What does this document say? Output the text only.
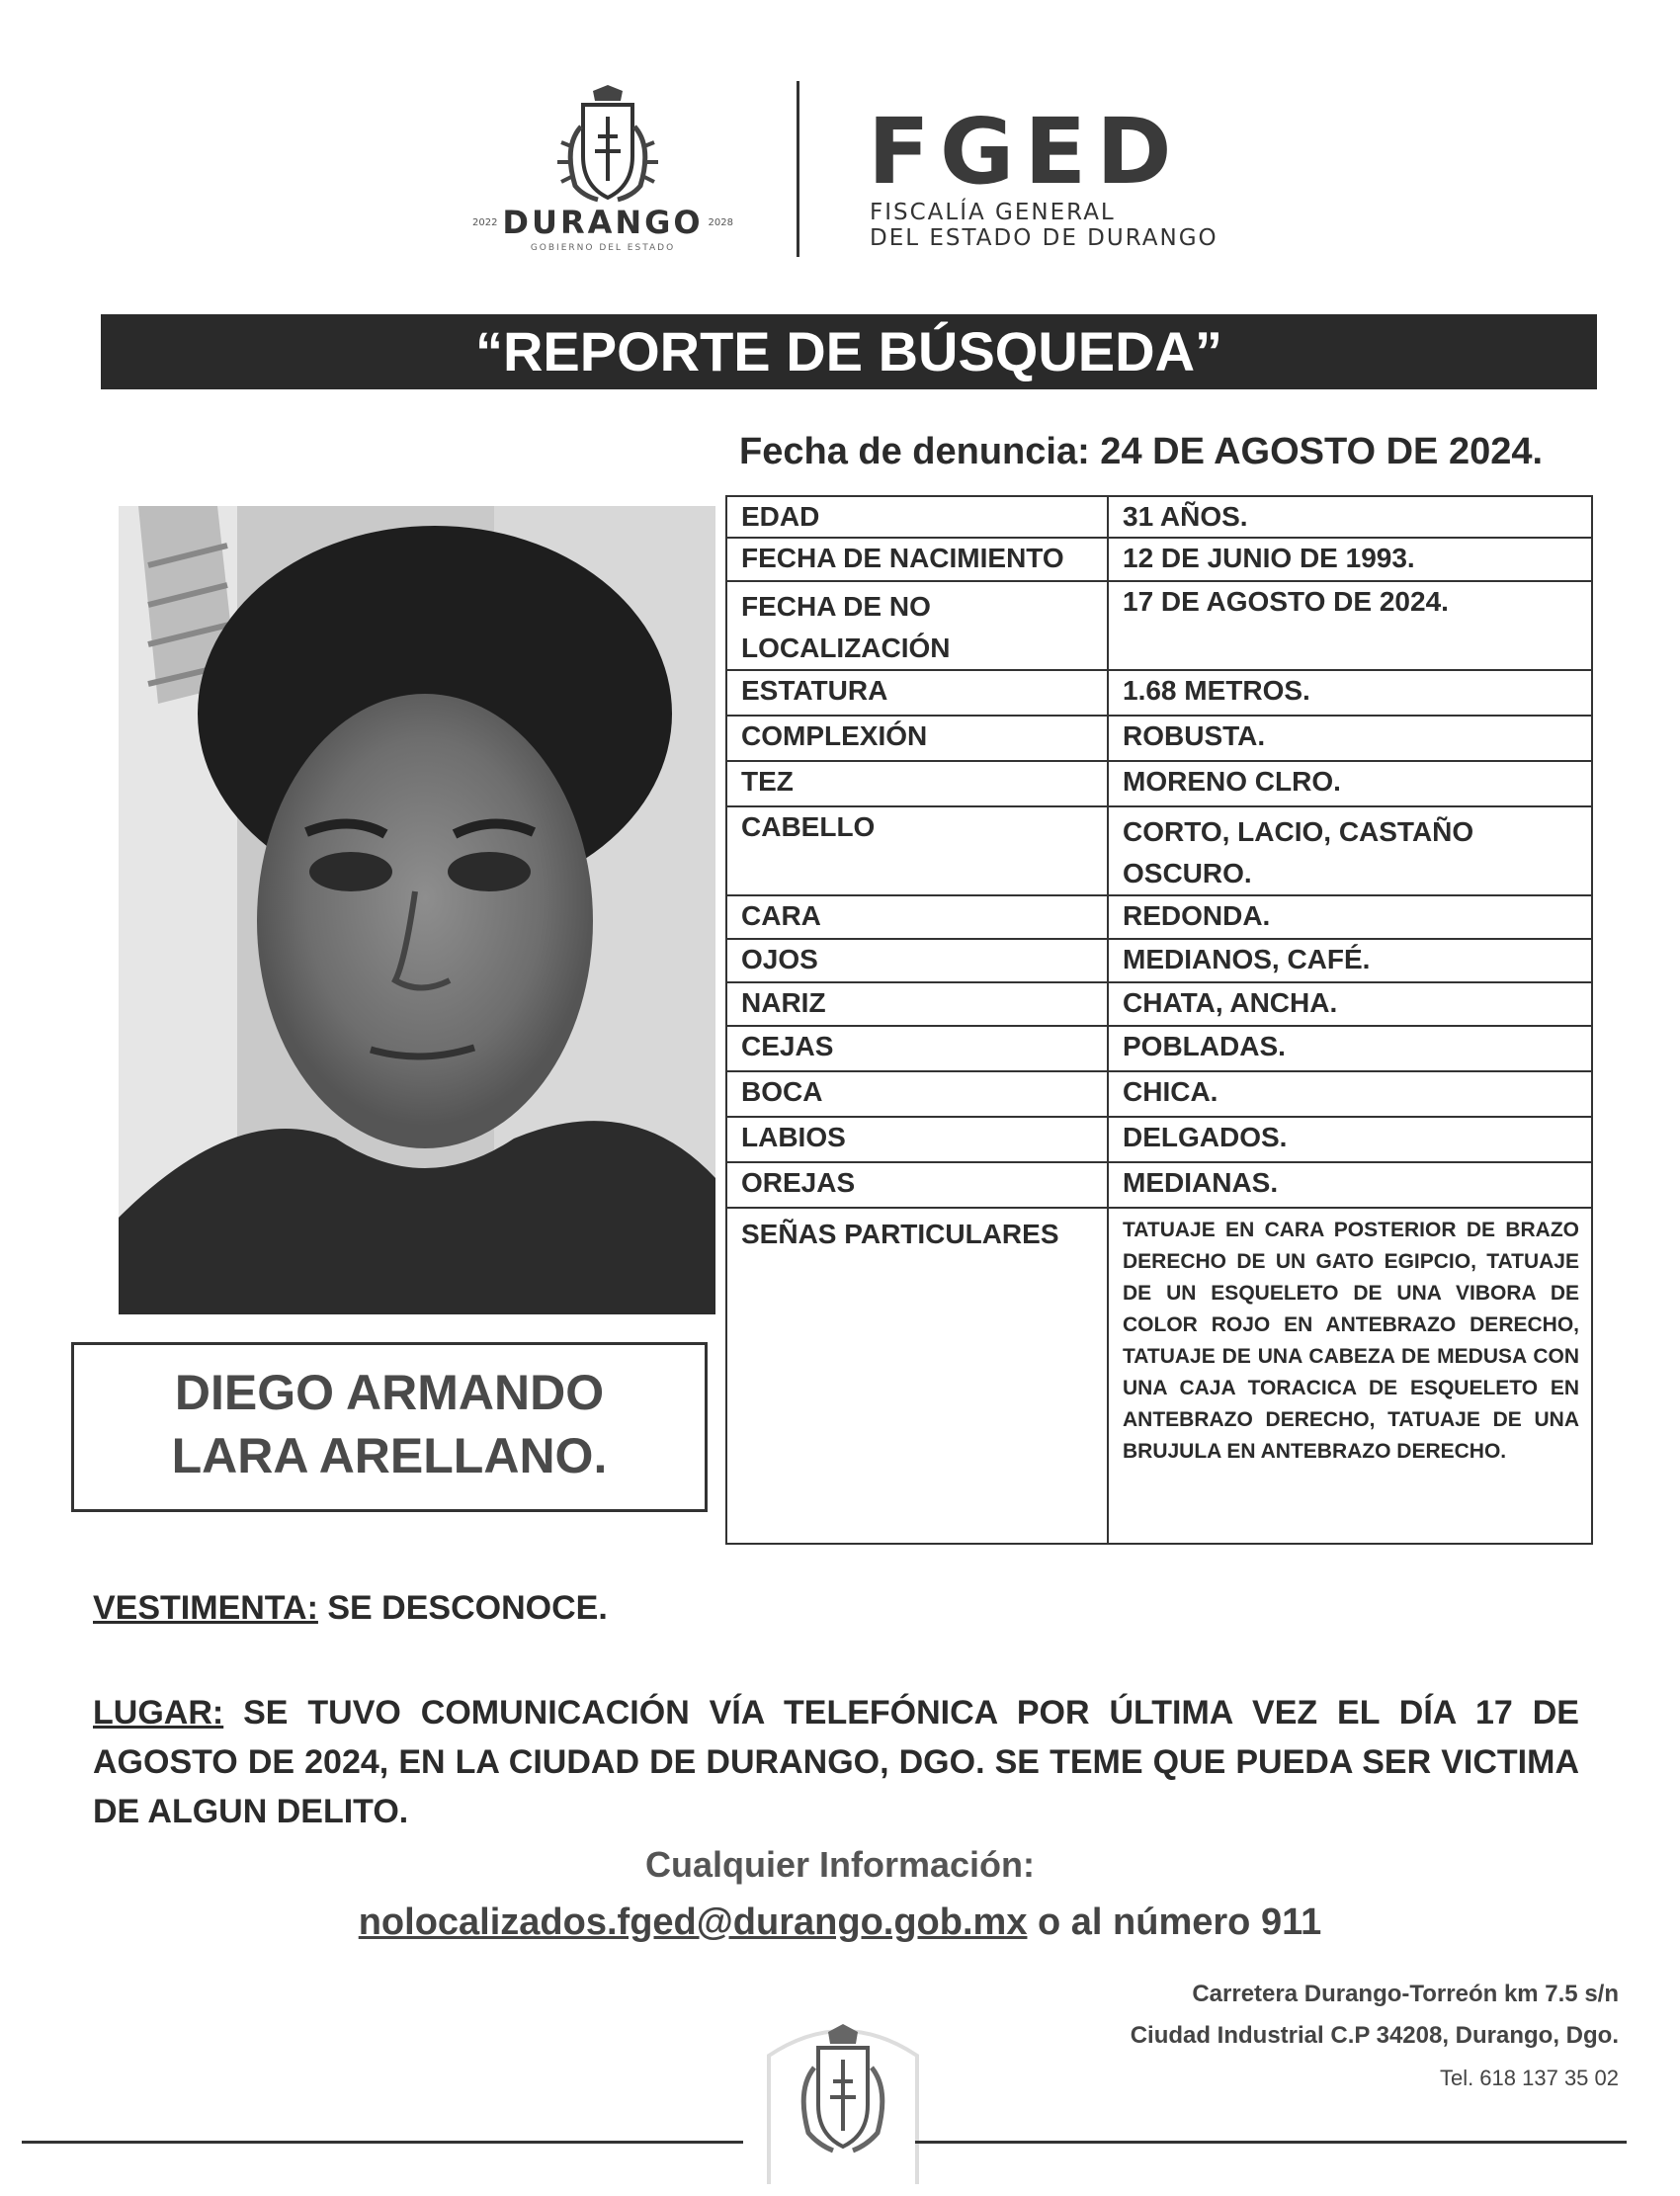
2022 DURANGO 2028
GOBIERNO DEL ESTADO
FGED
FISCALÍA GENERAL
DEL ESTADO DE DURANGO
“REPORTE DE BÚSQUEDA”
Fecha de denuncia: 24 DE AGOSTO DE 2024.
DIEGO ARMANDO
LARA ARELLANO.
EDAD	31 AÑOS.
FECHA DE NACIMIENTO	12 DE JUNIO DE 1993.
FECHA DE NO LOCALIZACIÓN	17 DE AGOSTO DE 2024.
ESTATURA	1.68 METROS.
COMPLEXIÓN	ROBUSTA.
TEZ	MORENO CLRO.
CABELLO	CORTO, LACIO, CASTAÑO OSCURO.
CARA	REDONDA.
OJOS	MEDIANOS, CAFÉ.
NARIZ	CHATA, ANCHA.
CEJAS	POBLADAS.
BOCA	CHICA.
LABIOS	DELGADOS.
OREJAS	MEDIANAS.
SEÑAS PARTICULARES	TATUAJE EN CARA POSTERIOR DE BRAZO DERECHO DE UN GATO EGIPCIO, TATUAJE DE UN ESQUELETO DE UNA VIBORA DE COLOR ROJO EN ANTEBRAZO DERECHO, TATUAJE DE UNA CABEZA DE MEDUSA CON UNA CAJA TORACICA DE ESQUELETO EN ANTEBRAZO DERECHO, TATUAJE DE UNA BRUJULA EN ANTEBRAZO DERECHO.
VESTIMENTA: SE DESCONOCE.
LUGAR: SE TUVO COMUNICACIÓN VÍA TELEFÓNICA POR ÚLTIMA VEZ EL DÍA 17 DE AGOSTO DE 2024, EN LA CIUDAD DE DURANGO, DGO. SE TEME QUE PUEDA SER VICTIMA DE ALGUN DELITO.
Cualquier Información:
nolocalizados.fged@durango.gob.mx o al número 911
Carretera Durango-Torreón km 7.5 s/n
Ciudad Industrial C.P 34208, Durango, Dgo.
Tel. 618 137 35 02
